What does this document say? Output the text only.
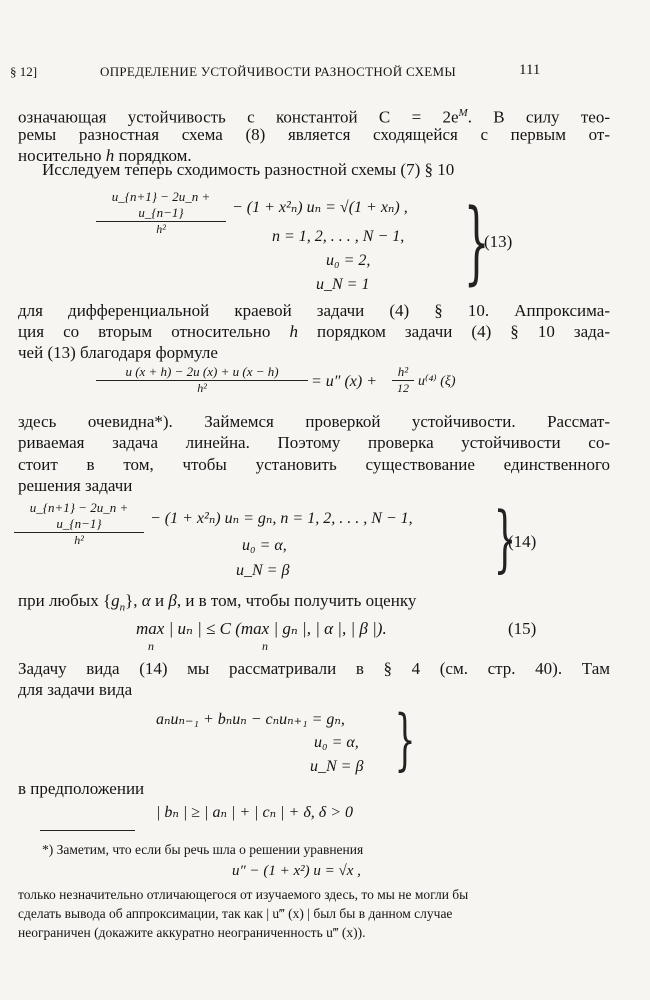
§ 12]	ОПРЕДЕЛЕНИЕ УСТОЙЧИВОСТИ РАЗНОСТНОЙ СХЕМЫ	111
означающая устойчивость с константой $C = 2e^M$. В силу тео-
ремы разностная схема (8) является сходящейся с первым от-
носительно h порядком.
Исследуем теперь сходимость разностной схемы (7) § 10
$\frac{u\_\{n+1\} - 2u\_n + u\_\{n-1\}}{\text{h²}} - (1 + x^2_n) u_n = √(1 + x_n)$ ,
n = 1, 2, . . . , N − 1,
u₀ = 2,
u_N = 1 }
(13)
для дифференциальной краевой задачи (4) § 10. Аппроксима-
ция со вторым относительно h порядком задачи (4) § 10 зада-
чей (13) благодаря формуле
$\frac{u (x + h) - 2u (x) + u (x - h)}{\text{h²}} = u''$ $(x) + \frac{\text{h²}}{12} u^{(4)}$ (ξ)
здесь очевидна*). Займемся проверкой устойчивости. Рассмат-
риваемая задача линейна. Поэтому проверка устойчивости со-
стоит в том, чтобы установить существование единственного
решения задачи
$\frac{u\_\{n+1\} - 2u\_n + u\_\{n-1\}}{\text{h²}} - (1 + x^2_n) u_n = g_n$, n = 1, 2, . . . , N − 1,
u₀ = α,
u_N = β	}
(14)
при любых $\{g_n\}$, α и β, и в том, чтобы получить оценку
max | uₙ | ≤ C (max | gₙ |, | α |, | β |).
n	n
(15)
Задачу вида (14) мы рассматривали в § 4 (см. стр. 40). Там
для задачи вида
aₙuₙ₋₁ + bₙuₙ − cₙuₙ₊₁ = gₙ,
u₀ = α,
u_N = β }
в предположении
| bₙ | ≥ | aₙ | + | cₙ | + δ, δ > 0
*) Заметим, что если бы речь шла о решении уравнения
u″ − (1 + x²) u = √x ,
только незначительно отличающегося от изучаемого здесь, то мы не могли бы
сделать вывода об аппроксимации, так как | u‴ (x) | был бы в данном случае
неограничен (докажите аккуратно неограниченность u‴ (x)).
